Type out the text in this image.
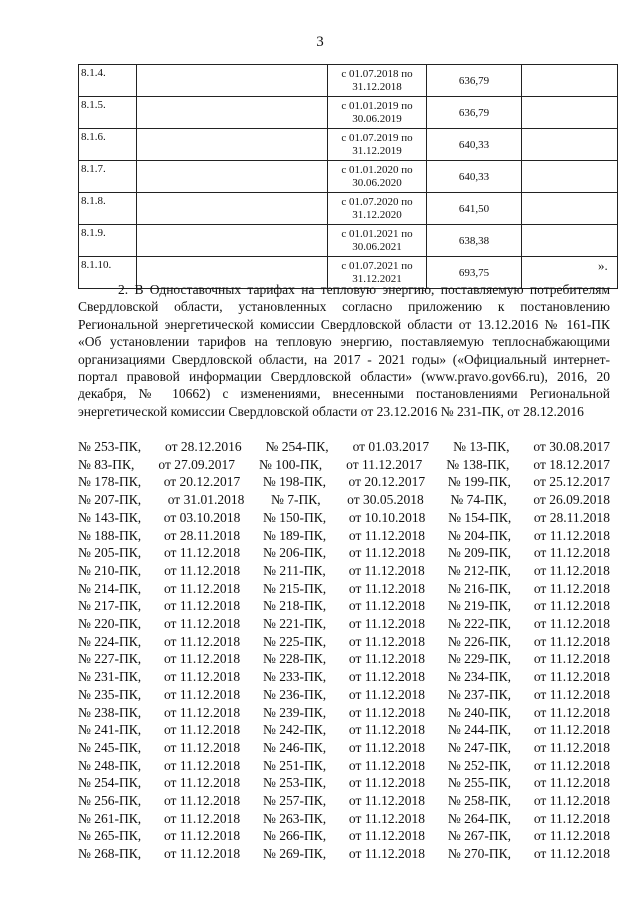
3
8.1.4.		с 01.07.2018 по 31.12.2018	636,79	
8.1.5.		с 01.01.2019 по 30.06.2019	636,79	
8.1.6.		с 01.07.2019 по 31.12.2019	640,33	
8.1.7.		с 01.01.2020 по 30.06.2020	640,33	
8.1.8.		с 01.07.2020 по 31.12.2020	641,50	
8.1.9.		с 01.01.2021 по 30.06.2021	638,38	
8.1.10.		с 01.07.2021 по 31.12.2021	693,75		».
2. В Одноставочных тарифах на тепловую энергию, поставляемую потребителям Свердловской области, установленных согласно приложению к постановлению Региональной энергетической комиссии Свердловской области от 13.12.2016 № 161-ПК «Об установлении тарифов на тепловую энергию, поставляемую теплоснабжающими организациями Свердловской области, на 2017 - 2021 годы» («Официальный интернет-портал правовой информации Свердловской области» (www.pravo.gov66.ru), 2016, 20 декабря, № 10662) с изменениями, внесенными постановлениями Региональной энергетической комиссии Свердловской области от 23.12.2016 № 231-ПК, от 28.12.2016
№ 253-ПК, от 28.12.2016 № 254-ПК, от 01.03.2017 № 13-ПК, от 30.08.2017
№ 83-ПК, от 27.09.2017 № 100-ПК, от 11.12.2017 № 138-ПК, от 18.12.2017
№ 178-ПК, от 20.12.2017 № 198-ПК, от 20.12.2017 № 199-ПК, от 25.12.2017
№ 207-ПК, от 31.01.2018 № 7-ПК, от 30.05.2018 № 74-ПК, от 26.09.2018
№ 143-ПК, от 03.10.2018 № 150-ПК, от 10.10.2018 № 154-ПК, от 28.11.2018
№ 188-ПК, от 28.11.2018 № 189-ПК, от 11.12.2018 № 204-ПК, от 11.12.2018
№ 205-ПК, от 11.12.2018 № 206-ПК, от 11.12.2018 № 209-ПК, от 11.12.2018
№ 210-ПК, от 11.12.2018 № 211-ПК, от 11.12.2018 № 212-ПК, от 11.12.2018
№ 214-ПК, от 11.12.2018 № 215-ПК, от 11.12.2018 № 216-ПК, от 11.12.2018
№ 217-ПК, от 11.12.2018 № 218-ПК, от 11.12.2018 № 219-ПК, от 11.12.2018
№ 220-ПК, от 11.12.2018 № 221-ПК, от 11.12.2018 № 222-ПК, от 11.12.2018
№ 224-ПК, от 11.12.2018 № 225-ПК, от 11.12.2018 № 226-ПК, от 11.12.2018
№ 227-ПК, от 11.12.2018 № 228-ПК, от 11.12.2018 № 229-ПК, от 11.12.2018
№ 231-ПК, от 11.12.2018 № 233-ПК, от 11.12.2018 № 234-ПК, от 11.12.2018
№ 235-ПК, от 11.12.2018 № 236-ПК, от 11.12.2018 № 237-ПК, от 11.12.2018
№ 238-ПК, от 11.12.2018 № 239-ПК, от 11.12.2018 № 240-ПК, от 11.12.2018
№ 241-ПК, от 11.12.2018 № 242-ПК, от 11.12.2018 № 244-ПК, от 11.12.2018
№ 245-ПК, от 11.12.2018 № 246-ПК, от 11.12.2018 № 247-ПК, от 11.12.2018
№ 248-ПК, от 11.12.2018 № 251-ПК, от 11.12.2018 № 252-ПК, от 11.12.2018
№ 254-ПК, от 11.12.2018 № 253-ПК, от 11.12.2018 № 255-ПК, от 11.12.2018
№ 256-ПК, от 11.12.2018 № 257-ПК, от 11.12.2018 № 258-ПК, от 11.12.2018
№ 261-ПК, от 11.12.2018 № 263-ПК, от 11.12.2018 № 264-ПК, от 11.12.2018
№ 265-ПК, от 11.12.2018 № 266-ПК, от 11.12.2018 № 267-ПК, от 11.12.2018
№ 268-ПК, от 11.12.2018 № 269-ПК, от 11.12.2018 № 270-ПК, от 11.12.2018
